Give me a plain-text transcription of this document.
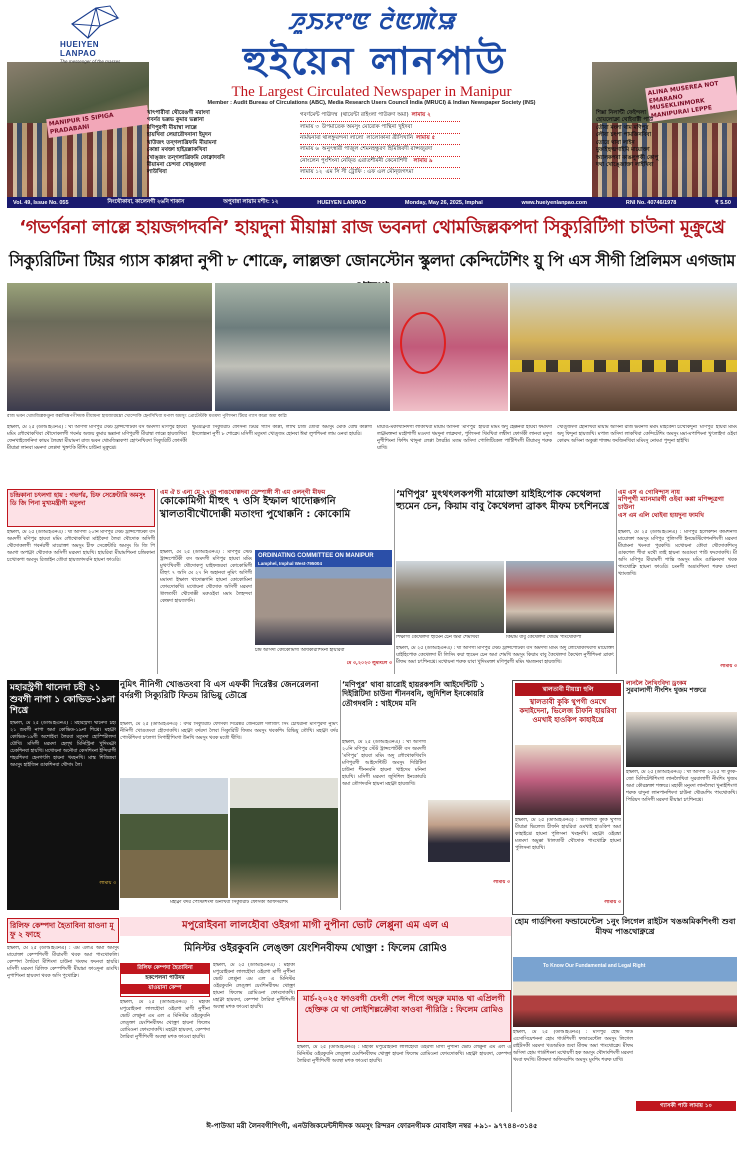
MANIPUR IS SIPIGA PRADABANI
HUEIYEN LANPAO
The messenger of the masses
ꯍꯨꯏꯌꯦꯟ ꯂꯥꯟꯄꯥꯎ
হুইয়েন লানপাউ
The Largest Circulated Newspaper in Manipur
Member : Audit Bureau of Circulations (ABC), Media Research Users Council India (MRUCI) & Indian Newspaper Society (INS)
খাৎপারীবা থৌরেঙগী মরাংদা
গবর্নর ভল্লভ কুমার ভল্লানা
মণিপুরগী মীয়াম্বা লাল্লে
হায়খিবা লেয়ারৌদনানা ইমুদন
খাউজৎ তন্গলাখ্রিফমি মীয়ামনা
কোন্না মথক্তা হাইদ্রল্লাকখিবা
খোঙ্জং তন্গলাখ্রিফমি ফোক্নাদবনি
মীয়ামনা চেন্দবা খোঙ্জংদা
লাউখিবা
গবর্ণমেন্ট পাঊদম্ব (থায়েন্টা রাইংলা পাউরুণ অমা) লামায় ২
লামায় ৩ উপমাতেক অমসুং মোরোক পান্থিনা খুইদবা
নার্মদ্বনাবা থালহ্নুরন্দনা লালো লালোকানা খ্রীসিখানি লামায় ৫
লামায় ৬ অনুৎস্বারী পাজুল শেমনহন্ধুরণ হিমিন্নিবদী রাপ্সজুরদা
নোংলেন পুংশিংনা নেফ্তি এরাতশীর্মনী কেনোশিদী লামায় ৯
লামায় ১২ এম সি সী ট্রোফি : এফ এল মৌন্জগৎমা
ALINA MUSEREA NOT EMARANO MUSEKLINMORK MANIPURAI LEPPE
শিক্সা নিলান্টী ফেইন্দলা
হোয়লোক্লা থোইবাক্টী পাউ
তৌবা মংলা থাম মণিপুর
লৌবা চৎপা পামজিনবিবা
তোরে থাবা লাইন
মুফাইহুত্মগাইমি মায়োক্তা
অ্যালকপবা কাঙলুপকী কোপু
দথা খোঙ্জোক্তা লাইখিবা
Vol. 49, Issue No. 055	নিংথৌকাবা, কালেনগী ২৬নি শাকাস	অপুবান্না লায়াম মশীং: ১২	HUEIYEN LANPAO	Monday, May 26, 2025, Imphal	www.hueiyenlanpao.com	RNI No. 40746/1978	₹ 5.50
‘গভর্ণরনা লাল্লে হায়জগদবনি’ হায়দুনা মীয়াম্না রাজ ভবনদা থোমজিল্লকপদা সিক্যুরিটিগা চাউনা মূক্রুখ্রে
সিক্যুরিটিনা টিয়র গ্যাস কাপ্পদা নুপী ৮ শোক্রে, লাল্লক্তা জোনস্টোন স্কুলদা কেন্দিটেশিং য়ু পি এস সীগী প্রিলিমস এগজাম
রাজ ভবন থোমজিল্লকপ্তুনা কল্লসিক্সপগীদমক মীয়ামনা হায়জারমম্লা খোন্দোকি হেনসিখিবা মপাল অমসুং প্রোটেস্টকি মতমদা পুলিসনা টিয়র গ্যাস কাপ্পা অমা কাপ্লি
ইম্ফাল, মে ২৫ (ডীআইএনএ) : থা অণিগী মণিপুর স্টেট ট্রান্সপোর্টকী বস অমদগী মণিপুর হায়বা মমিং লৌথোকখিবা থৌদোকলগী গবর্নর অজয় কুমার ভল্লানা মণিপুরগী মীয়াম্বা লাল্লে হায়জখিবা ফেনখাইফোনিদা কায়ম লৈরম্বা মীয়ামনা রাজ ভবন থোমজিল্লকপা হোৎনখিবদা সিক্যুরিটি ফোর্সকী মীয়াম্না লানবা মমনদা লেপ্পদা খুঙ্গৎকি মীশিং চাউনা মূক্রুখ্রে।
থুমঙাক্নবা সিক্যুরিটি ফোর্সনা টিয়র গ্যাস কাপ্পা, লাথি চার্জ তৌবা অমসুং মোক বোম্ব কাপ্পগী ইদলোন্ননা নুপী ৮ শোক্লে। মসিগী মতুংদা খোঙ্জং হোনবা ঈমা লুপশিংনা লাম ওনবা হায়রি।
মায়াঙ-মকাখ্যানদগী লাকখিবা মীয়াম অসিনা ‘মণিপুর’ হায়বা মমিং অদু হেক্কনবা হায়বা ফমাংদা লাক্নমক্তনা মহৌশাগী মওংদা থমদুনা লাক্লবদা, পুলিসনা থিংখিবা লম্বীদা ফোর্সকী লানবা মদুদা নুপীশিংনা ফিশিং থাদুনা লেপ্পা লৈরম্লি। মতম অসিদা পোলিটিকেল পার্টিশিংগী মীয়ামসু শরুক য়াখি।
খোঙ্জংদা হোনখিবা মীয়াম অসিনা রাজ ভবনগী মমাং মাইকৈদা চত্থোকদুনা ‘মণিপুর’ হায়বা মমিং অদু ফিদুনা হায়জখি। মপাল অসিদা লাকখিবা কেন্দিটেশিং অমসুং মমা-মপাশিংনা খুৎলাইদা ওইবা কোরুং অসিনা অকুপ্পা শাক্তম ফংজিনখিবা মমিংসু নোংমা পুন্দুনা হাইখি।
চন্দ্রিকানা চৎলগা হায় : গভর্ণর, চিফ সেক্রেটারি অমসুং ডি জি পিনা মুখ্যমন্ত্রীগী মতুংদা
ইম্ফাল, মে ২৫ (ডীআইএনএ) : থা অণিগী ২০নি মণিপুর স্টেট ট্রান্সপোর্টকী বস অমদগী মণিপুর হায়বা মমিং লৌথোকখিবা মাইকৈদা লৈবা থৌদোক অসিগী থৌদোকলগী গবর্নরগী মায়োক্তা অমসুং চীফ সেক্রেটারি অমসুং ডি জি পি অমগা অপাক্না থৌদোক অসিগী মরমদা হায়খি। হায়রিবা মীয়ামশিংনা চন্দ্রিকানা চত্থোকপা অমসুং রিজাইন তৌবা হায়জগদবনি হায়না ফাওরি।
এম ঐ চ এনা মে ২৭তা পাঙথোক্কদবা ডেম্পাঙ্গী সী এম ওলন্গী মীফম
কোকোমিগী মীহুৎ ৭ ওসি ইম্ফাল থাদোক্কগনি খ্বালতাবীখৌদোক্কী মতাংদা পুথোক্কনি : কোকোমি
ইম্ফাল, মে ২৫ (ডীআইএনএ) : মণিপুর স্টেট ট্রান্সপোর্টকী বস অমদগী মণিপুর হায়বা মমিং মুত্থৎখিবগী থৌদোকপু য়াইফজরবা কোকোমিগী মীহুৎ ৭ অসি মে ২৭ নি অহানবা নুমিৎ অণিগী মমাংদা ইম্ফাল থাদোক্কগনি হায়না কোকোমিনা ফোংদোকখি। মখোয়না থৌদোক অসিগী মরমদা খ্বালতাবী থৌদোক্কী মরুওইবা মমাং লৈহন্দবা কেন্দ্ৰদা হায়জগনি।
ORDINATING COMMITTEE ON MANIPUR
Lamphel, Imphal West-795004
চন্দ্ৰ অসিদা কোকোমিগী অধিকারীশিংনা হায়রিবা
মে ৩,২০২৩ লুমাংলে ৩
‘মণিপুর’ মুৎথৎলকপগী মায়োক্তা য়াইহিপোক কেথেলদা হ্যুমেন চেন, কিয়াম বাবু কৈথেলদা ব্রাকৎ মীফম চৎশিনখ্রে
শিক্ষাগী কৈথেলদা হ্যুমেন চেন অমা শেমখিবা	কিয়াম বাবু কৈথেলদা থৌরম পাংথোকপা
ইম্ফাল, মে ২৫ (ডীআইএনএ) : থা অণিগী মণিপুর স্টেট ট্রান্সপোর্টকী বস অমদগী মমিং অদু লৌথোকখিবগী মায়োক্তা য়াইহিপোক কেথেলদা মী লিসিং কয়া হ্যুমেন চেন অমা শেমখি অমসুং কিয়াম বাবু কৈথেলদা কৈথেল নুপীশিংনা ব্রাকৎ মীফম অমা চৎশিনখ্রে। মখোয়না শরুক য়াবা খুদিংমক্তা মণিপুরগী মমিং থমজনবা হায়জখি।
এম এস এ গোবিন্দাস নায়
মণিপুগী ম্যানমারগী ওইবা কপ্পা মণিপ্সূত্রগা চাউনা
এস এম এলি থোইবা হায়দুনা ফামখি
ইম্ফাল, মে ২৫ (ডীআইএনএ) : মণিপুর ইলেকশন কমিশনগী মায়োক্তা অমসুং মণিপুর পুলিসগী ইনভেস্টিগেশনশিংগী মরমদা মীয়ামনা খংনবা পুরকখি। মখোয়না কৌবা থৌদোকশিংসু ঙাকশেল পীবা মথৌ তাই হায়না অঙাংবা পাউ ফংদোকখি। মী অসি মণিপুর মীয়ামগী শান্তি অমসুং মমিং ঙাক্সিনবদা থবক পাংথোক্লি হায়না ফাওরি। চংনগী অঙাংশিংদা শরুক য়ানবা খ্যাংজখি।
লামায় ৩
মহারস্ট্রগী থানেদা চহী ২১ শুবগী নাপা ১ কোভিড-১৯না শিখ্রে
ইম্ফাল, মে ২৫ (ডীআইএনএ) : মহারস্ট্রগী থানেদা চহী ২১ শুবগী নাপা অমা কোভিড-১৯না শিখ্রে। মহাক্না কোভিড-১৯গী অশোইবা লৈরবা মতুংদা হোস্পিটালদা য়ৌখি। মসিগী মরমদা হেল্থ মিনিস্ট্রিনা খুদিংমক্না চেকশিনবা হায়খি। মখোয়না অনৌবা কেসশিংনা ইন্দিয়াগী শহরশিংদা হেনগৎলি হায়না খংহনখি। মাস্ক শিজিন্নবা অমসুং হাইজিন ঙাকশিনবা থৌদাং লৈ।
লামায় ৩
নুমিৎ নীনিগী খোঙতংবা বি এস এফকী দিরেক্টর জেনরেলনা বর্দরগী সিক্যুরিটি ফিতম রিভিয়ু তৌখ্রে
ইম্ফাল, মে ২৫ (ডীআইএনএ) : বর্দর সিক্যুরিটি ফোর্সকী দিরেক্টর জেনরেল দলজিৎ সিং চৌধরীনা মণিপুরদা নুমিৎ নীনিগী খোঙতংবা হৌদোকখি। মহাক্না বর্দরদা লৈবা সিক্যুরিটি ফিতম অমসুং থবকশিং রিভিয়ু তৌখি। মহাক্না বর্দর পোস্টশিংদা চৎলগা সিপাহীশিংগা উনখি অমসুং থবক মতৌ থীখি।
মহাক্না বর্দর পোস্টশিংদা উনখিবা সিক্যুরিটি ফোর্সকী অফিসরশিং
‘মণিপুর’ থাবা য়ারোই হায়রকপসি আইদেন্টিটি ১ দিইগ্নিটিদা চাউনা শীননবনি, জুদিশিল ইনকোয়রি তৌগদবনি : খাইদেম মনি
ইম্ফাল, মে ২৫ (ডীআইএনএ) : থা অণিগী ২০নি মণিপুর স্টেট ট্রান্সপোর্টকী বস অমদগী ‘মণিপুর’ হায়বা মমিং অদু লৌথোকখিবসি মণিপুরগী আইদেন্টিটি অমসুং দিগ্নিটিদা চাউনা শীননবনি হায়না খাইদেম মনিনা হায়খি। মসিগী মরমদা জুদিশিল ইনকোয়রি অমা তৌগদবনি হায়না মহাক্না হায়জখি।
লামায় ৩
খ্বালতাবী মীয়াম্না হুলি
খ্বালতাবী কুকি থুপগী ওমখে কদাইদেনা, ভিলেজ চীফনি হায়রিবা ওমখাই হাওকিপ কাহাইখ্রে
ইম্ফাল, মে ২৫ (ডীআইএনএ) : খ্বালতাবী কুকি থুপগী মীয়াম্না ভিলেজ চীফনি হায়রিবা ওমখাই হাওকিপ অমা কাহাইখ্রে হায়না পুলিসনা খংহনখি। মহাক্না ওইরম্বা মতমদা অমুক্কা খ্বালতাবী থৌদোক পাংথোক্লি হায়না পুলিসনা হায়খি।
লামায় ৩
লানলৈ লৈখিংবিদা ড্রংকম
সুরবালাগী নীংশিং থুজম শক্তরে
ইম্ফাল, মে ২৫ (ডীআইএনএ) : থা অণিগী ২০২৫ গী কুকি-জো মিলিটেন্টশিংগা লানলৈখিবা সুরবালাগী নীংশিং থুজম অমা কৌরম্লক্তা শক্তরে। মহাকী মনুংদা লানলৈবা খুনাইশিংগা শরুক য়াদুনা লানপানশিংদা চাউনা থৌরমশিং পাংথোকখি। পিরিয়দ অসিগী মরমদা মীয়াম্না চৎশিনখ্রে।
রিলিফ কেম্পদা হৈতাবিনা য়াওনা মূ ফু ২ ফাহে
ইম্ফাল, মে ২৫ (ডীআইএনএ) : এম এলএ অমা অমসুং মায়োক্তা কেম্পশিংগী মীয়ামগী থবক অমা পাংথোকলি। কেম্পদা লৈরিবা মীশিংদা চাউনা খংফম ফংনবা হায়রি। মসিগী মরমদা রিলিফ কেম্পশিংগী মীয়াম্না ফাওদুনা ঙাংখি। নুপাশিংনা হায়বদা থবক অসি পুথোক্লি।
মপুরোইবনা লালহৌবা ওইরগা মাগী নুপীনা ভোট লেপ্পুনা এম এল এ
মিনিস্টর ওইরকুবনি লেঙ্ক্তা য়েংশিনবীফম থোক্ত্রা : ফিলেম রোমিও
রিলিফ কেম্পদা হৈতাবিনা
হকপেলনা পাউদম
য়াওয়ানা কেম্প
ইম্ফাল, মে ২৫ (ডীআইএনএ) : মহাকী মপুরোইবনা লালহৌবা ওইরগা মাগী নুপীনা ভোট লেপ্পুনা এম এল এ মিনিস্টর ওইরকুবনি লেঙ্ক্তা য়েংশিনবীফম থোক্ত্রা হায়না ফিলেম রোমিওনা ফোংদোকখি। মহাক্না হায়বদা, কেম্পদা লৈরিবা নুপীশিংগী অবস্থা মশক ফাওবা হায়খি।
ইম্ফাল, মে ২৫ (ডীআইএনএ) : মহাকী মপুরোইবনা লালহৌবা ওইরগা মাগী নুপীনা ভোট লেপ্পুনা এম এল এ মিনিস্টর ওইরকুবনি লেঙ্ক্তা য়েংশিনবীফম থোক্ত্রা হায়না ফিলেম রোমিওনা ফোংদোকখি। মহাক্না হায়বদা, কেম্পদা লৈরিবা নুপীশিংগী অবস্থা মশক ফাওবা হায়খি।
মার্চ-২০২৫ ফাওবগী চেংগী শেল পীগে অদুরু মমাঙ থা এপ্রিলগী হেক্তিক মে থা লোইশিল্লক্রৌবা ফাওবা পীরিদ্রি : ফিলেম রোমিও
ইম্ফাল, মে ২৫ (ডীআইএনএ) : মহাকী মপুরোইবনা লালহৌবা ওইরগা মাগী নুপীনা ভোট লেপ্পুনা এম এল এ মিনিস্টর ওইরকুবনি লেঙ্ক্তা য়েংশিনবীফম থোক্ত্রা হায়না ফিলেম রোমিওনা ফোংদোকখি। মহাক্না হায়বদা, কেম্পদা লৈরিবা নুপীশিংগী অবস্থা মশক ফাওবা হায়খি।
হোম গার্ডশিংনা ফন্ডামেন্টেল ১নুং লিগেল রাইটস খঙঅমিকশিংগী শুবা মীফম পাঙথোক্নখ্রে
To Know Our Fundamental and Legal Right
ইম্ফাল, মে ২৫ (ডীআইএনএ) : মণিপুর হোম গার্ড এসোসিয়েশননা হোম গার্ডশিংগী ফন্ডামেন্টেল অমসুং লিগেল রাইটসকী মরমদা খঙঅমিক শুবা মীফম অমা পাংথোক্লে। মীফম অসিদা হোম গার্ডশিংনা মখোয়গী হক অমসুং থৌদাংশিংগী মরমদা খংবা ফংখি। মীফমদা অফিসরশিং অমসুং মুংশিং শরুক য়াখি।
গ্যাসকী পাউ লামায় ১০
ঈ-পাউআ মরী লৈনবগীশিংগী, এনউজিকমেন্টদীদীদক অমসুং রিন্দরন ফোরনগীমক মোবাইল নম্বর +৯১- ৯৭৭৪৪-৩১৪৫
